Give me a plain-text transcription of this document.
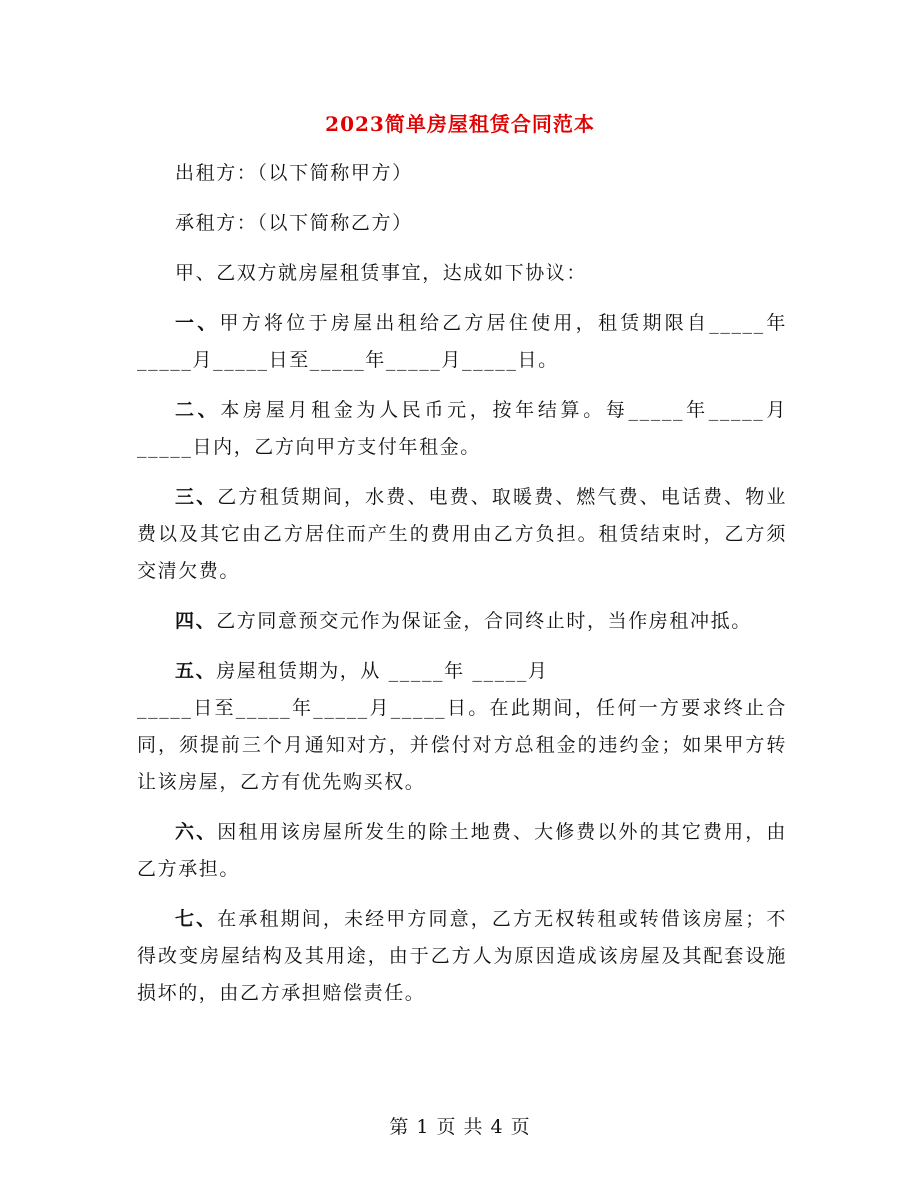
2023简单房屋租赁合同范本

出租方：（以下简称甲方）

承租方：（以下简称乙方）

甲、乙双方就房屋租赁事宜，达成如下协议：

一、甲方将位于房屋出租给乙方居住使用，租赁期限自_____年_____月_____日至_____年_____月_____日。

二、本房屋月租金为人民币元，按年结算。每_____年_____月_____日内，乙方向甲方支付年租金。

三、乙方租赁期间，水费、电费、取暖费、燃气费、电话费、物业费以及其它由乙方居住而产生的费用由乙方负担。租赁结束时，乙方须交清欠费。

四、乙方同意预交元作为保证金，合同终止时，当作房租冲抵。

五、房屋租赁期为，从 _____年 _____月

_____日至_____年_____月_____日。在此期间，任何一方要求终止合同，须提前三个月通知对方，并偿付对方总租金的违约金；如果甲方转让该房屋，乙方有优先购买权。

六、因租用该房屋所发生的除土地费、大修费以外的其它费用，由乙方承担。

七、在承租期间，未经甲方同意，乙方无权转租或转借该房屋；不得改变房屋结构及其用途，由于乙方人为原因造成该房屋及其配套设施损坏的，由乙方承担赔偿责任。

第 1 页 共 4 页
